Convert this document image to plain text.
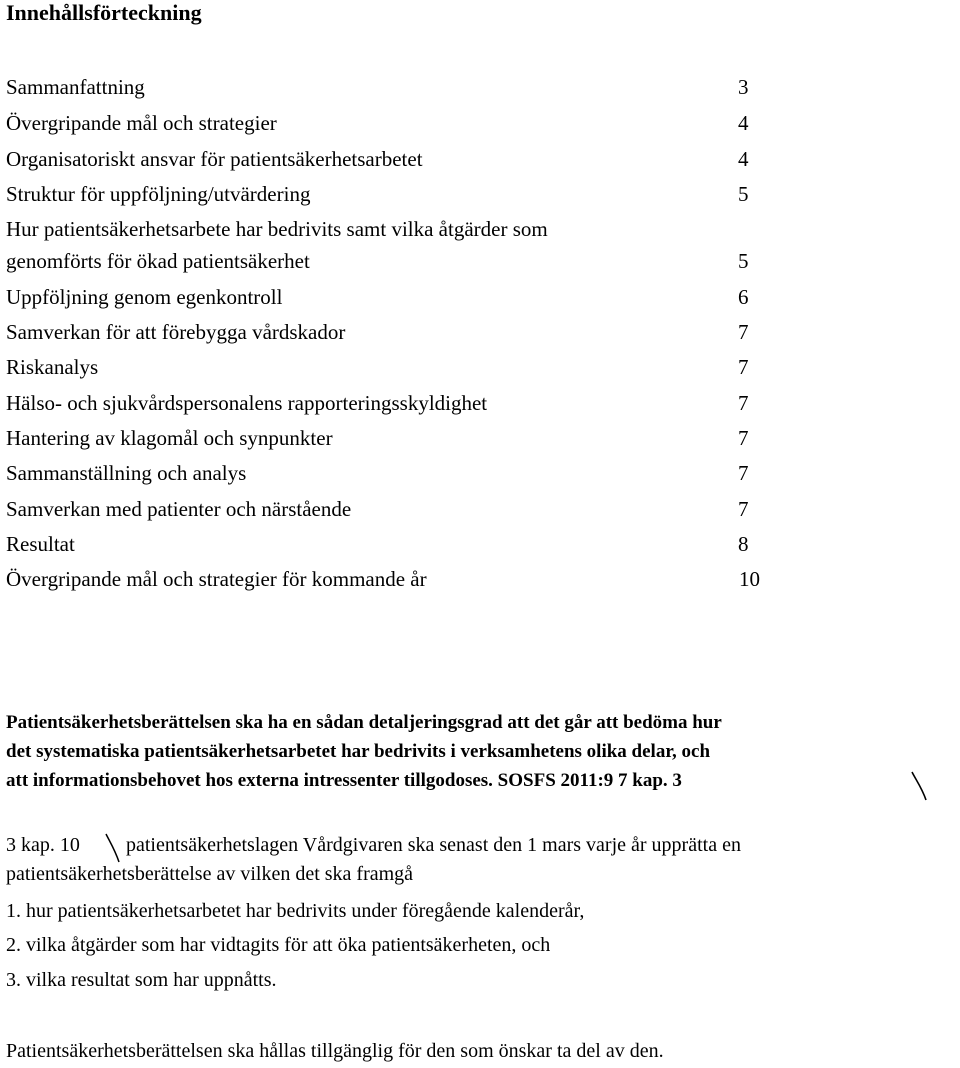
Innehållsförteckning
Sammanfattning	3
Övergripande mål och strategier	4
Organisatoriskt ansvar för patientsäkerhetsarbetet	4
Struktur för uppföljning/utvärdering	5
Hur patientsäkerhetsarbete har bedrivits samt vilka åtgärder som
genomförts för ökad patientsäkerhet	5
Uppföljning genom egenkontroll	6
Samverkan för att förebygga vårdskador	7
Riskanalys	7
Hälso- och sjukvårdspersonalens rapporteringsskyldighet	7
Hantering av klagomål och synpunkter	7
Sammanställning och analys	7
Samverkan med patienter och närstående	7
Resultat	8
Övergripande mål och strategier för kommande år	10
Patientsäkerhetsberättelsen ska ha en sådan detaljeringsgrad att det går att bedöma hur
det systematiska patientsäkerhetsarbetet har bedrivits i verksamhetens olika delar, och
att informationsbehovet hos externa intressenter tillgodoses. SOSFS 2011:9 7 kap. 3
3 kap. 10 patientsäkerhetslagen Vårdgivaren ska senast den 1 mars varje år upprätta en
patientsäkerhetsberättelse av vilken det ska framgå
1. hur patientsäkerhetsarbetet har bedrivits under föregående kalenderår,
2. vilka åtgärder som har vidtagits för att öka patientsäkerheten, och
3. vilka resultat som har uppnåtts.
Patientsäkerhetsberättelsen ska hållas tillgänglig för den som önskar ta del av den.
